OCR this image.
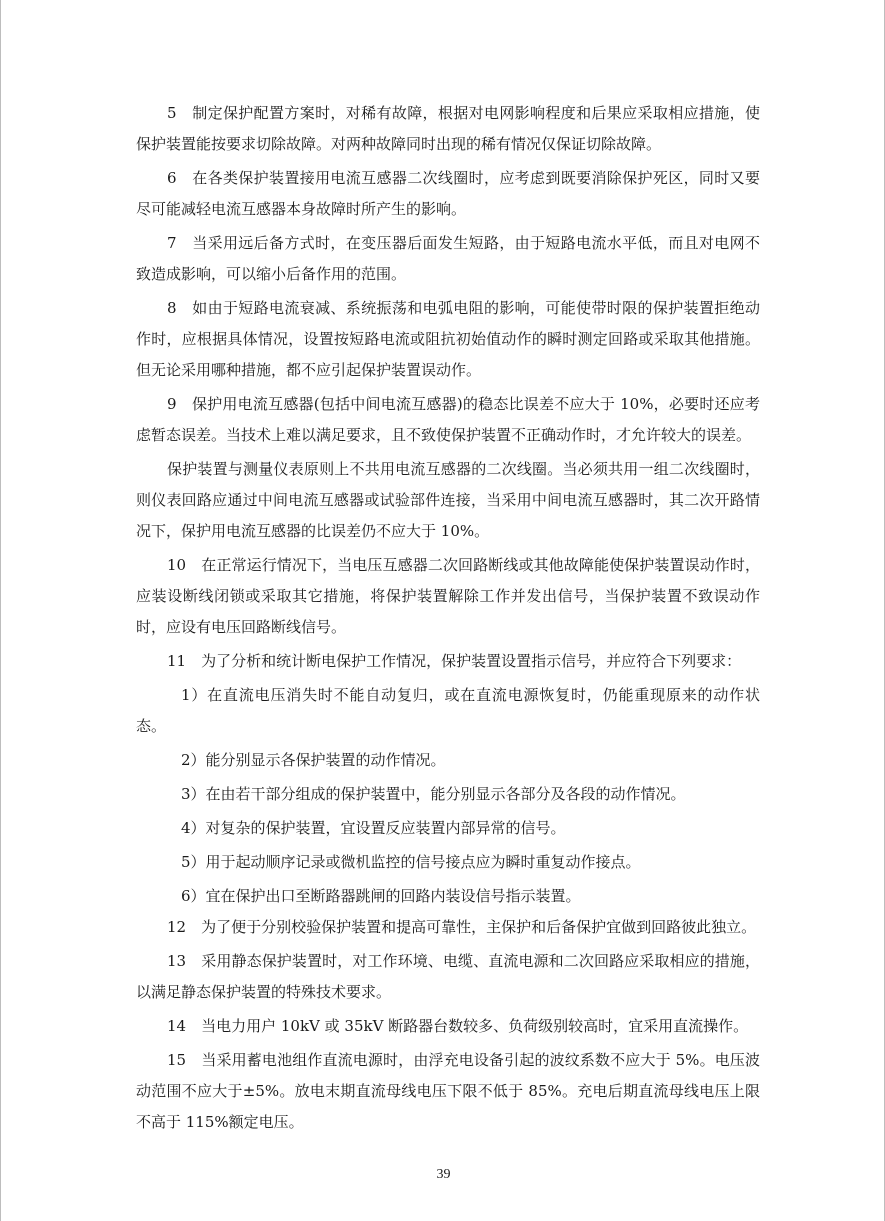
5　制定保护配置方案时，对稀有故障，根据对电网影响程度和后果应采取相应措施，使保护装置能按要求切除故障。对两种故障同时出现的稀有情况仅保证切除故障。

6　在各类保护装置接用电流互感器二次线圈时，应考虑到既要消除保护死区，同时又要尽可能减轻电流互感器本身故障时所产生的影响。

7　当采用远后备方式时，在变压器后面发生短路，由于短路电流水平低，而且对电网不致造成影响，可以缩小后备作用的范围。

8　如由于短路电流衰减、系统振荡和电弧电阻的影响，可能使带时限的保护装置拒绝动作时，应根据具体情况，设置按短路电流或阻抗初始值动作的瞬时测定回路或采取其他措施。但无论采用哪种措施，都不应引起保护装置误动作。

9　保护用电流互感器(包括中间电流互感器)的稳态比误差不应大于 10%，必要时还应考虑暂态误差。当技术上难以满足要求，且不致使保护装置不正确动作时，才允许较大的误差。

保护装置与测量仪表原则上不共用电流互感器的二次线圈。当必须共用一组二次线圈时，则仪表回路应通过中间电流互感器或试验部件连接，当采用中间电流互感器时，其二次开路情况下，保护用电流互感器的比误差仍不应大于 10%。

10　在正常运行情况下，当电压互感器二次回路断线或其他故障能使保护装置误动作时，应装设断线闭锁或采取其它措施，将保护装置解除工作并发出信号，当保护装置不致误动作时，应设有电压回路断线信号。

11　为了分析和统计断电保护工作情况，保护装置设置指示信号，并应符合下列要求：

1）在直流电压消失时不能自动复归，或在直流电源恢复时，仍能重现原来的动作状态。

2）能分别显示各保护装置的动作情况。

3）在由若干部分组成的保护装置中，能分别显示各部分及各段的动作情况。

4）对复杂的保护装置，宜设置反应装置内部异常的信号。

5）用于起动顺序记录或微机监控的信号接点应为瞬时重复动作接点。

6）宜在保护出口至断路器跳闸的回路内装设信号指示装置。

12　为了便于分别校验保护装置和提高可靠性，主保护和后备保护宜做到回路彼此独立。

13　采用静态保护装置时，对工作环境、电缆、直流电源和二次回路应采取相应的措施，以满足静态保护装置的特殊技术要求。

14　当电力用户 10kV 或 35kV 断路器台数较多、负荷级别较高时，宜采用直流操作。

15　当采用蓄电池组作直流电源时，由浮充电设备引起的波纹系数不应大于 5%。电压波动范围不应大于±5%。放电末期直流母线电压下限不低于 85%。充电后期直流母线电压上限不高于 115%额定电压。

39
